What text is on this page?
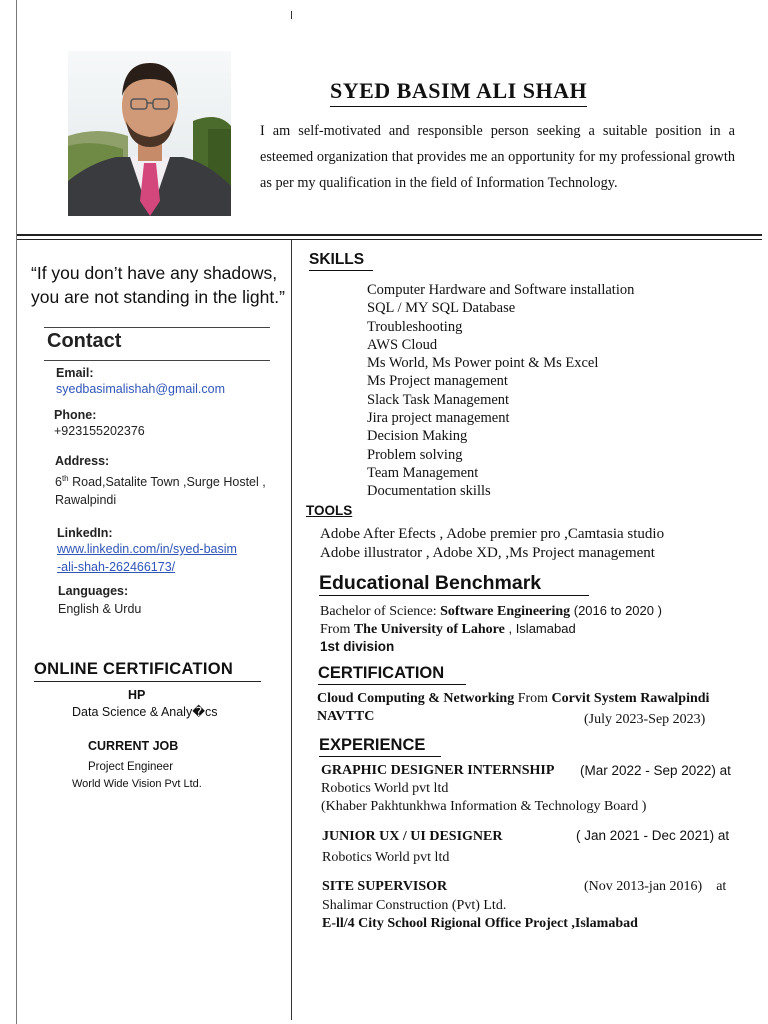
SYED BASIM ALI SHAH
I am self-motivated and responsible person seeking a suitable position in a esteemed organization that provides me an opportunity for my professional growth as per my qualification in the field of Information Technology.
“If you don’t have any shadows,
you are not standing in the light.”
Contact
Email:
syedbasimalishah@gmail.com
Phone:
+923155202376
Address:
6th Road,Satalite Town ,Surge Hostel ,
Rawalpindi
LinkedIn:
www.linkedin.com/in/syed-basim
-ali-shah-262466173/
Languages:
English & Urdu
ONLINE CERTIFICATION
HP
Data Science & Analy�cs
CURRENT JOB
Project Engineer
World Wide Vision Pvt Ltd.
SKILLS
Computer Hardware and Software installation
SQL / MY SQL Database
Troubleshooting
AWS Cloud
Ms World, Ms Power point & Ms Excel
Ms Project management
Slack Task Management
Jira project management
Decision Making
Problem solving
Team Management
Documentation skills
TOOLS
Adobe After Efects , Adobe premier pro ,Camtasia studio
Adobe illustrator , Adobe XD, ,Ms Project management
Educational Benchmark
Bachelor of Science: Software Engineering (2016 to 2020 )
From The University of Lahore , Islamabad
1st division
CERTIFICATION
Cloud Computing & Networking From Corvit System Rawalpindi
NAVTTC	(July 2023-Sep 2023)
EXPERIENCE
GRAPHIC DESIGNER INTERNSHIP (Mar 2022 - Sep 2022) at
Robotics World pvt ltd
(Khaber Pakhtunkhwa Information & Technology Board )
JUNIOR UX / UI DESIGNER	( Jan 2021 - Dec 2021) at
Robotics World pvt ltd
SITE SUPERVISOR	(Nov 2013-jan 2016)    at
Shalimar Construction (Pvt) Ltd.
E-ll/4 City School Rigional Office Project ,Islamabad
